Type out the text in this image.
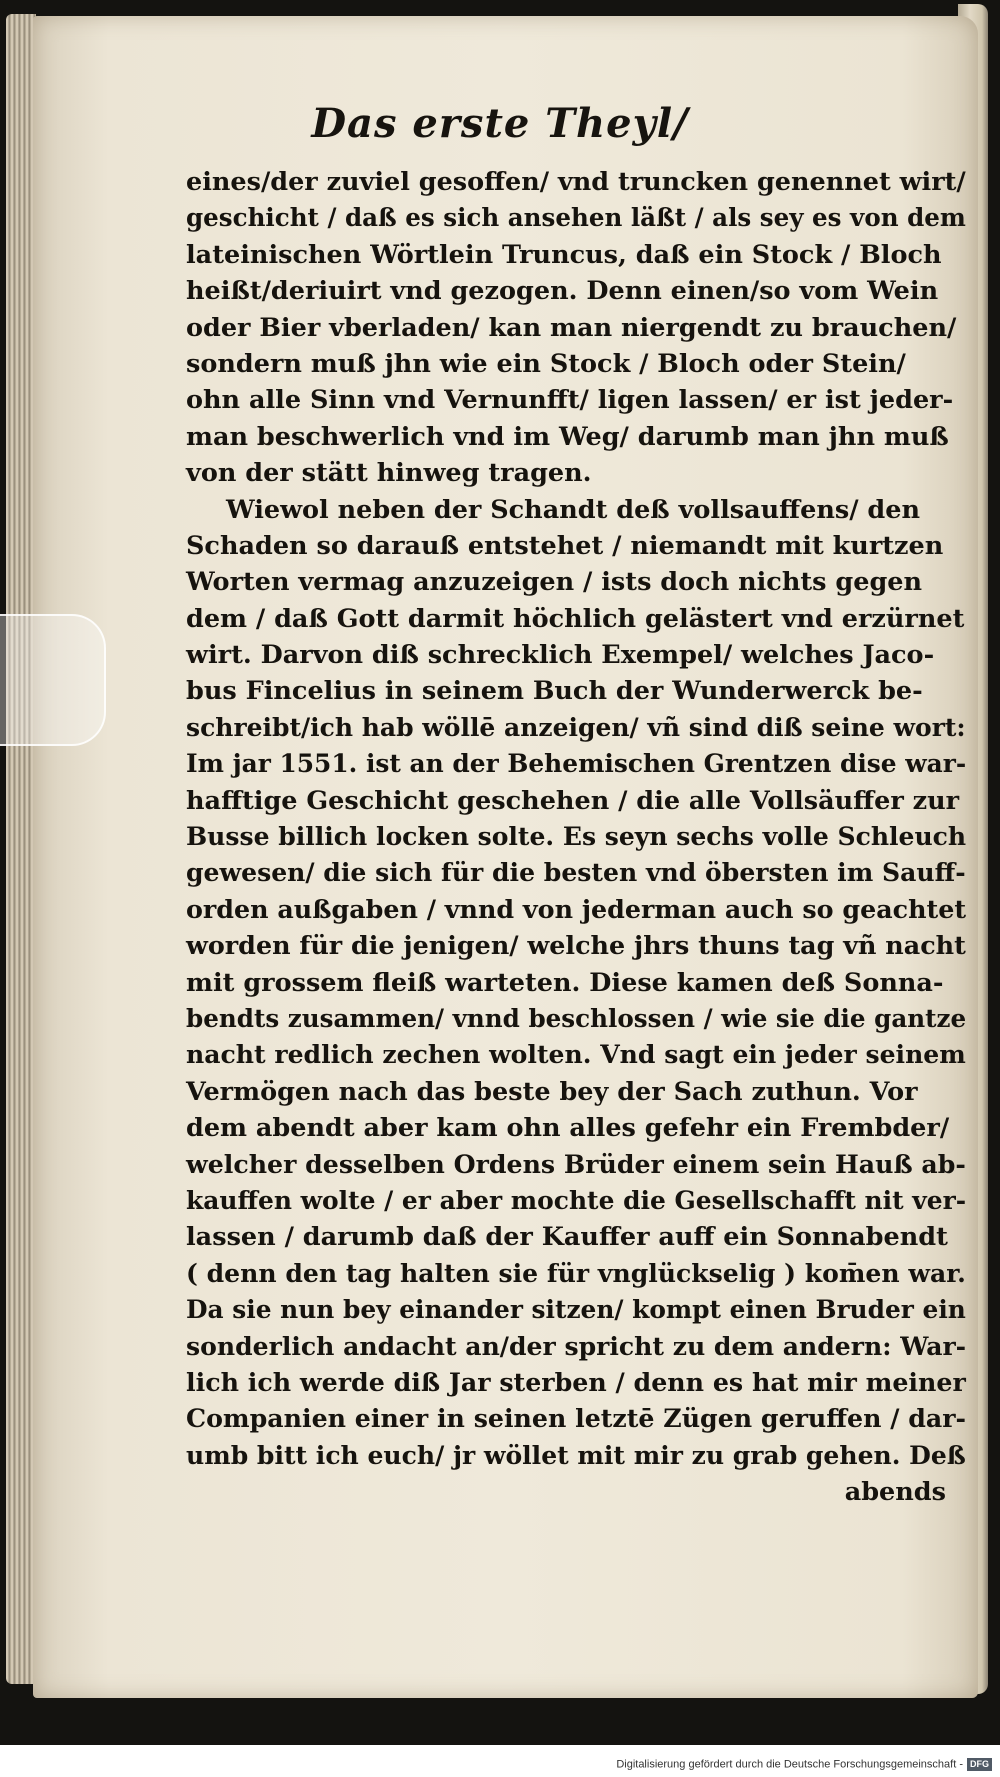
Das erste Theyl/
eines/der zuviel gesoffen/ vnd truncken genennet wirt/
geschicht / daß es sich ansehen läßt / als sey es von dem
lateinischen Wörtlein Truncus, daß ein Stock / Bloch
heißt/deriuirt vnd gezogen. Denn einen/so vom Wein
oder Bier vberladen/ kan man niergendt zu brauchen/
sondern muß jhn wie ein Stock / Bloch oder Stein/
ohn alle Sinn vnd Vernunfft/ ligen lassen/ er ist jeder-
man beschwerlich vnd im Weg/ darumb man jhn muß
von der stätt hinweg tragen.
Wiewol neben der Schandt deß vollsauffens/ den
Schaden so darauß entstehet / niemandt mit kurtzen
Worten vermag anzuzeigen / ists doch nichts gegen
dem / daß Gott darmit höchlich gelästert vnd erzürnet
wirt. Darvon diß schrecklich Exempel/ welches Jaco-
bus Fincelius in seinem Buch der Wunderwerck be-
schreibt/ich hab wöllē anzeigen/ vñ sind diß seine wort:
Im jar 1551. ist an der Behemischen Grentzen dise war-
hafftige Geschicht geschehen / die alle Vollsäuffer zur
Busse billich locken solte. Es seyn sechs volle Schleuch
gewesen/ die sich für die besten vnd öbersten im Sauff-
orden außgaben / vnnd von jederman auch so geachtet
worden für die jenigen/ welche jhrs thuns tag vñ nacht
mit grossem fleiß warteten. Diese kamen deß Sonna-
bendts zusammen/ vnnd beschlossen / wie sie die gantze
nacht redlich zechen wolten. Vnd sagt ein jeder seinem
Vermögen nach das beste bey der Sach zuthun. Vor
dem abendt aber kam ohn alles gefehr ein Frembder/
welcher desselben Ordens Brüder einem sein Hauß ab-
kauffen wolte / er aber mochte die Gesellschafft nit ver-
lassen / darumb daß der Kauffer auff ein Sonnabendt
( denn den tag halten sie für vnglückselig ) kom̄en war.
Da sie nun bey einander sitzen/ kompt einen Bruder ein
sonderlich andacht an/der spricht zu dem andern: War-
lich ich werde diß Jar sterben / denn es hat mir meiner
Companien einer in seinen letztē Zügen geruffen / dar-
umb bitt ich euch/ jr wöllet mit mir zu grab gehen. Deß
abends
Digitalisierung gefördert durch die Deutsche Forschungsgemeinschaft - DFG
